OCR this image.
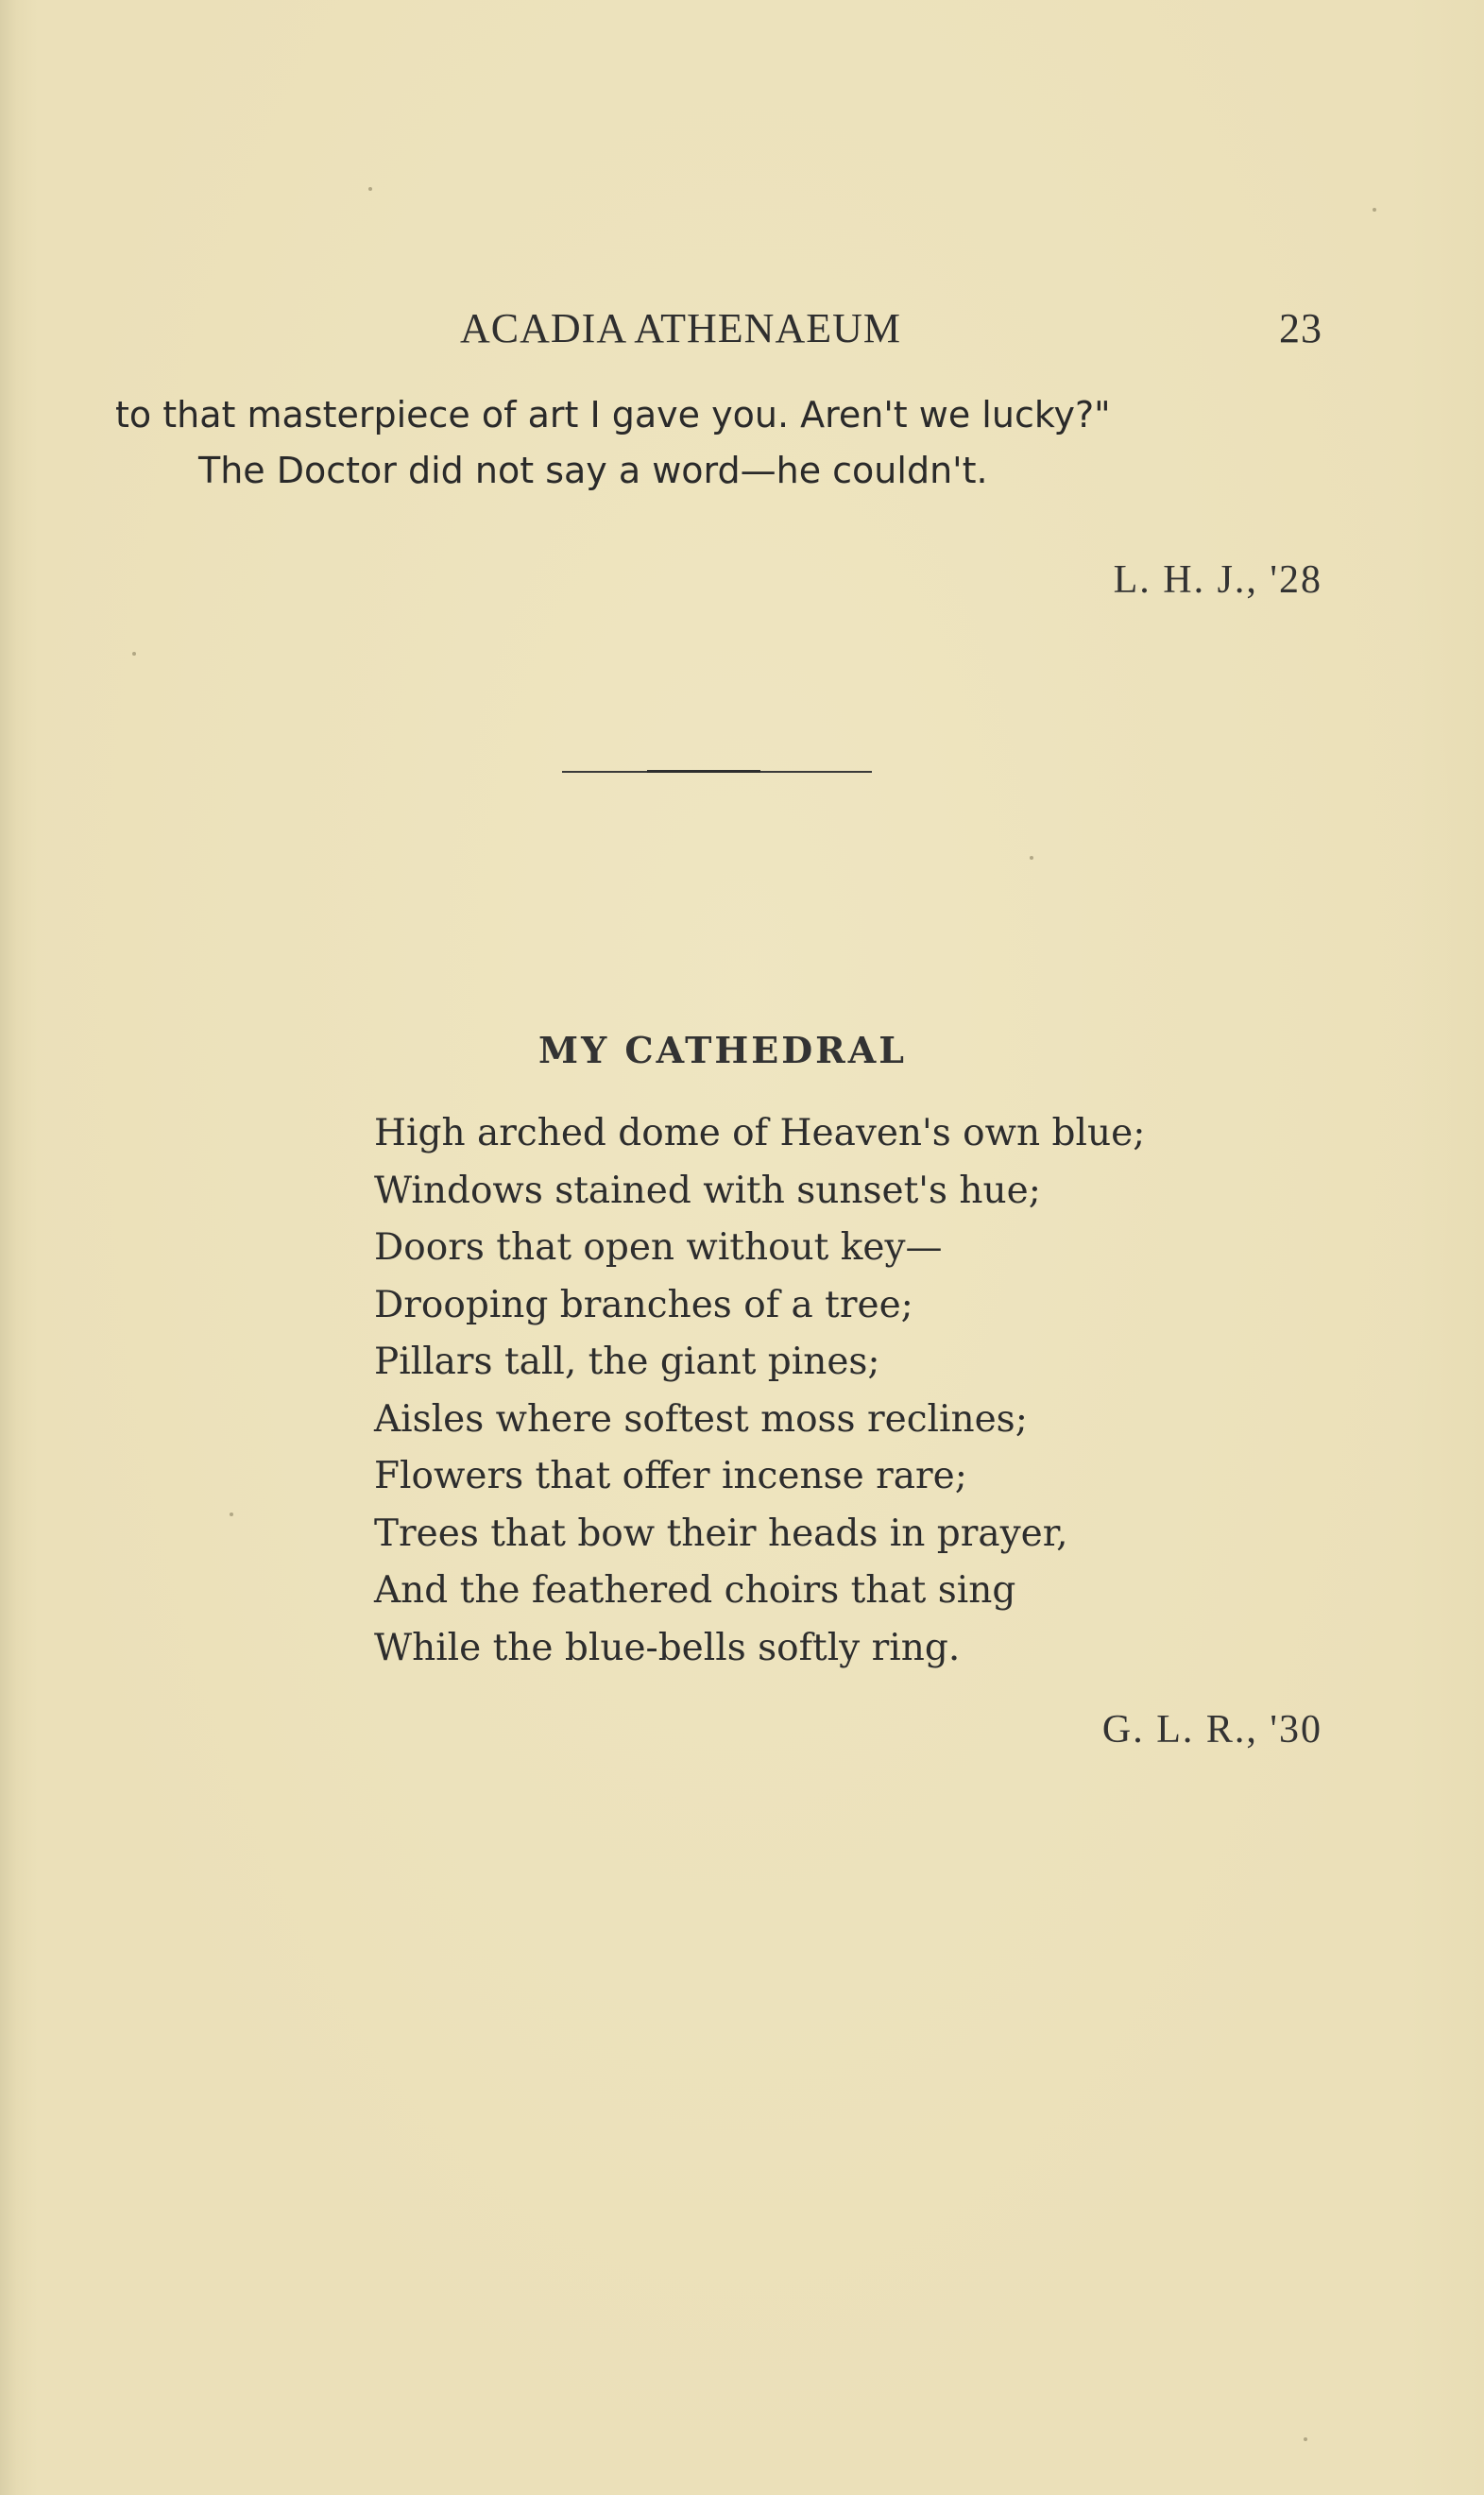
ACADIA ATHENAEUM	23

to that masterpiece of art I gave you. Aren't we lucky?"

The Doctor did not say a word—he couldn't.

L. H. J., '28
MY CATHEDRAL
High arched dome of Heaven's own blue;
Windows stained with sunset's hue;
Doors that open without key—
Drooping branches of a tree;
Pillars tall, the giant pines;
Aisles where softest moss reclines;
Flowers that offer incense rare;
Trees that bow their heads in prayer,
And the feathered choirs that sing
While the blue-bells softly ring.
G. L. R., '30
